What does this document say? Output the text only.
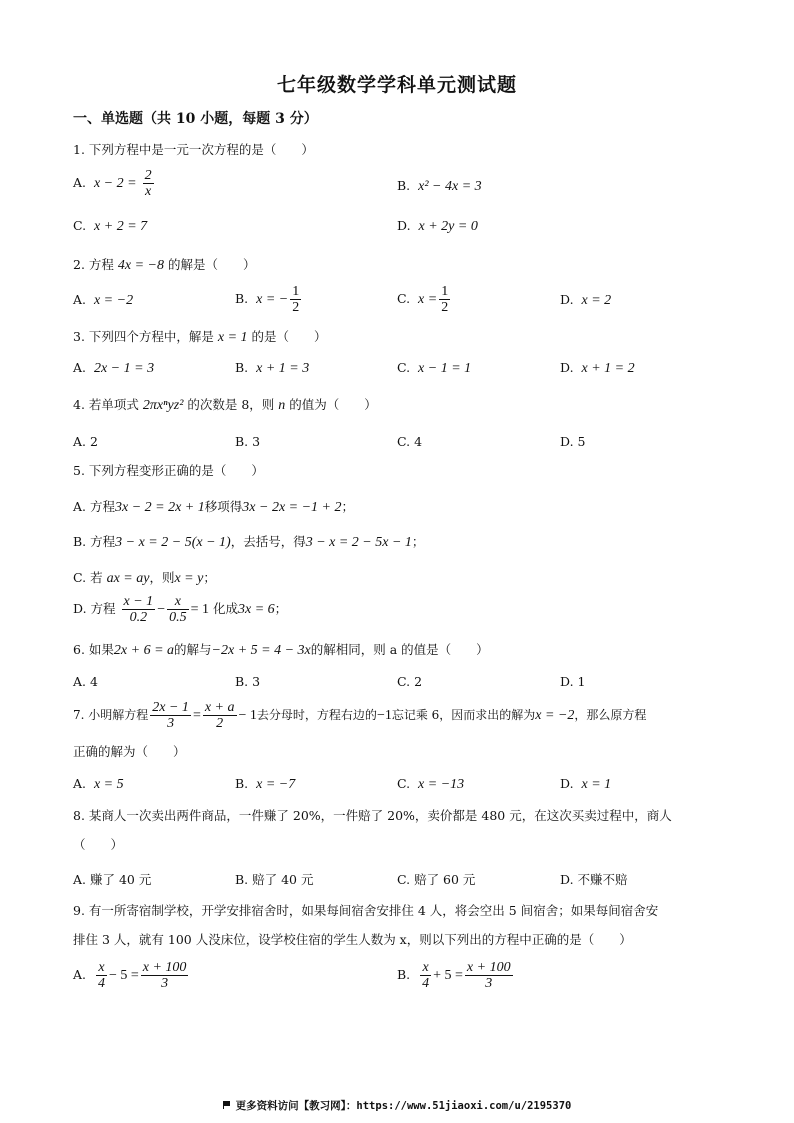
七年级数学学科单元测试题
一、单选题（共 10 小题，每题 3 分）
1. 下列方程中是一元一次方程的是（　　）
A. $x - 2 = \frac{2}{x}$	B. x² − 4x = 3
C. x + 2 = 7	D. x + 2y = 0
2. 方程 4x = −8 的解是（　　）
A. x = −2	B. x = − $\frac{1}{2}$	C. $x = \frac{1}{2}$	D. x = 2
3. 下列四个方程中，解是 x = 1 的是（　　）
A. 2x − 1 = 3	B. x + 1 = 3	C. x − 1 = 1	D. x + 1 = 2
4. 若单项式 2πxⁿyz² 的次数是 8，则 n 的值为（　　）
A. 2	B. 3	C. 4	D. 5
5. 下列方程变形正确的是（　　）
A. 方程3x − 2 = 2x + 1移项得3x − 2x = −1 + 2；
B. 方程3 − x = 2 − 5(x − 1)，去括号，得3 − x = 2 − 5x − 1；
C. 若 ax = ay，则x = y；
D. 方程 $\frac{x - 1}{0.2} - \frac{x}{0.5} = 1$ 化成3x = 6；
6. 如果2x + 6 = a的解与−2x + 5 = 4 − 3x的解相同，则 a 的值是（　　）
A. 4	B. 3	C. 2	D. 1
7. 小明解方程 $\frac{2x - 1}{3} = \frac{x + a}{2} - 1$去分母时，方程右边的−1忘记乘 6，因而求出的解为x = −2，那么原方程
正确的解为（　　）
A. x = 5	B. x = −7	C. x = −13	D. x = 1
8. 某商人一次卖出两件商品，一件赚了 20%，一件赔了 20%，卖价都是 480 元，在这次买卖过程中，商人
（　　）
A. 赚了 40 元	B. 赔了 40 元	C. 赔了 60 元	D. 不赚不赔
9. 有一所寄宿制学校，开学安排宿舍时，如果每间宿舍安排住 4 人，将会空出 5 间宿舍；如果每间宿舍安
排住 3 人，就有 100 人没床位，设学校住宿的学生人数为 x，则以下列出的方程中正确的是（　　）
A. $\frac{x}{4} - 5 = \frac{x + 100}{3}$	B. $\frac{x}{4} + 5 = \frac{x + 100}{3}$
更多资料访问【教习网】：https://www.51jiaoxi.com/u/2195370
